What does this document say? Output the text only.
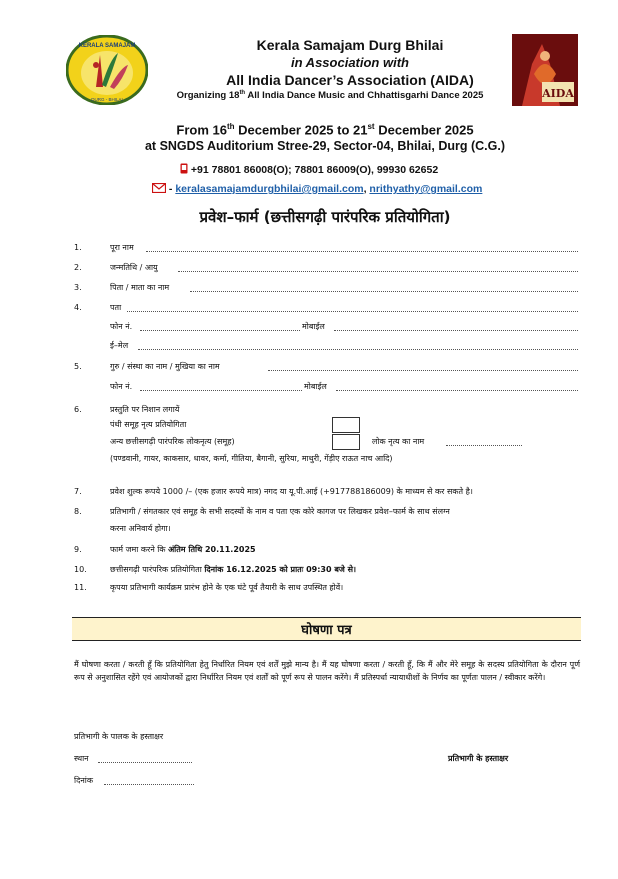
KERALA SAMAJAM
DURG - BHILAI	AIDA
Kerala Samajam Durg Bhilai
in Association with
All India Dancer’s Association (AIDA)
Organizing 18th All India Dance Music and Chhattisgarhi Dance 2025
From 16th December 2025 to 21st December 2025
at SNGDS Auditorium Stree-29, Sector-04, Bhilai, Durg (C.G.)
+91 78801 86008(O); 78801 86009(O), 99930 62652
- keralasamajamdurgbhilai@gmail.com, nrithyathy@gmail.com
प्रवेश–फार्म (छत्तीसगढ़ी पारंपरिक प्रतियोगिता)
1.	पूरा नाम
2.	जन्मतिथि / आयु
3.	पिता / माता का नाम
4.	पता
फोन नं.	मोबाईल
ई–मेल
5.	गुरु / संस्था का नाम / मुखिया का नाम
फोन नं.	मोबाईल
6.	प्रस्तुति पर निशान लगायें
पंथी समूह नृत्य प्रतियोगिता
अन्य छत्तीसगढ़ी पारंपरिक लोकनृत्य (समूह)	लोक नृत्य का नाम
(पण्डवानी, गायर, काकसार, धावर, कर्मा, गीतिया, बैगानी, सुरिया, माथुरी, गेंड़ीए राऊत नाच आदि)
7.	प्रवेश शुल्क रूपये 1000 /– (एक हजार रूपये मात्र) नगद या यू.पी.आई (+917788186009) के माध्यम से कर सकते है।
8.	प्रतिभागी / संगतकार एवं समूह के सभी सदस्यों के नाम व पता एक कोरे कागज पर लिखकर प्रवेश–फार्म के साथ संलग्न
करना अनिवार्य होगा।
9.	फार्म जमा करने कि अंतिम तिथि 20.11.2025
10.	छत्तीसगढ़ी पारंपरिक प्रतियोगिता दिनांक 16.12.2025 को प्रातः 09:30 बजे से।
11.	कृपया प्रतिभागी कार्यक्रम प्रारंभ होने के एक घंटे पूर्व तैयारी के साथ उपस्थित होवें।
घोषणा पत्र
मैं घोषणा करता / करती हूँ कि प्रतियोगिता हेतु निर्धारित नियम एवं शर्तें मुझे मान्य है। मैं यह घोषणा करता / करती हूँ, कि मैं और मेरे समूह के सदस्य प्रतियोगिता के दौरान पूर्ण रूप से अनुशासित रहेंगे एवं आयोजकों द्वारा निर्धारित नियम एवं शर्तों को पूर्ण रूप से पालन करेंगे। मैं प्रतिस्पर्धा न्यायाधीशों के निर्णय का पूर्णतः पालन / स्वीकार करेंगे।
प्रतिभागी के पालक के हस्ताक्षर
स्थान	प्रतिभागी के हस्ताक्षर
दिनांक
